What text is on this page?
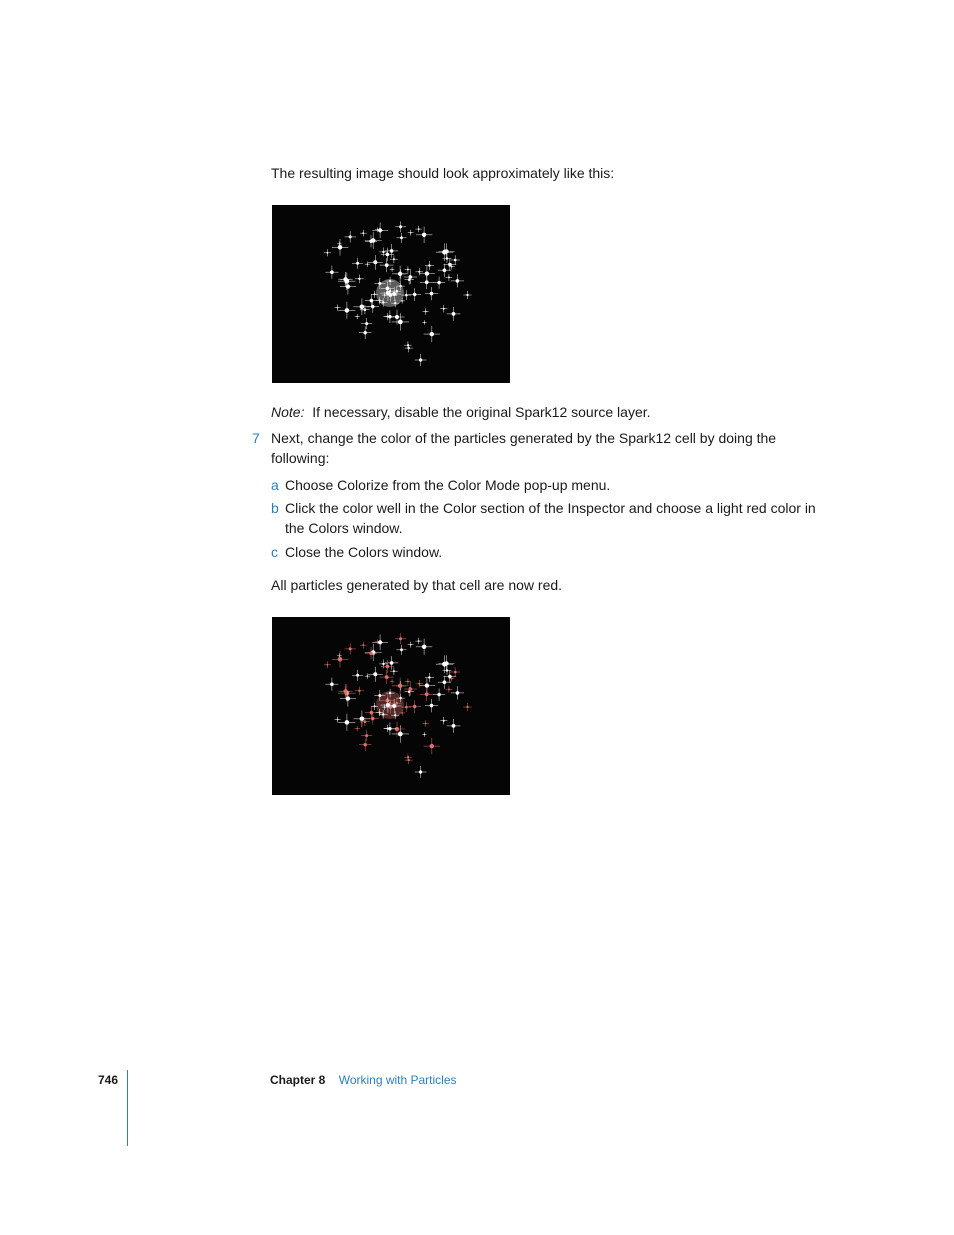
The resulting image should look approximately like this:

Note: If necessary, disable the original Spark12 source layer.

7 Next, change the color of the particles generated by the Spark12 cell by doing the following:

a Choose Colorize from the Color Mode pop-up menu.

b Click the color well in the Color section of the Inspector and choose a light red color in the Colors window.

c Close the Colors window.

All particles generated by that cell are now red.

746	Chapter 8 Working with Particles
